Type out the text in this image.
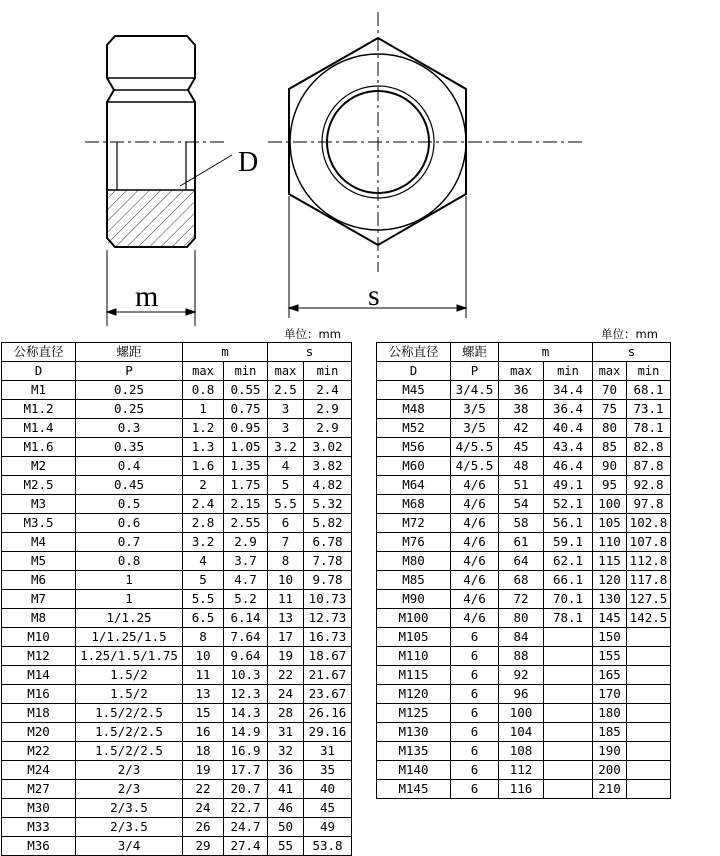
D
m	s
单位：mm	单位：mm
公称直径	螺距	m		s	
D	P	max	min	max	min
M1	0.25	0.8	0.55	2.5	2.4
M1.2	0.25	1	0.75	3	2.9
M1.4	0.3	1.2	0.95	3	2.9
M1.6	0.35	1.3	1.05	3.2	3.02
M2	0.4	1.6	1.35	4	3.82
M2.5	0.45	2	1.75	5	4.82
M3	0.5	2.4	2.15	5.5	5.32
M3.5	0.6	2.8	2.55	6	5.82
M4	0.7	3.2	2.9	7	6.78
M5	0.8	4	3.7	8	7.78
M6	1	5	4.7	10	9.78
M7	1	5.5	5.2	11	10.73
M8	1/1.25	6.5	6.14	13	12.73
M10	1/1.25/1.5	8	7.64	17	16.73
M12	1.25/1.5/1.75	10	9.64	19	18.67
M14	1.5/2	11	10.3	22	21.67
M16	1.5/2	13	12.3	24	23.67
M18	1.5/2/2.5	15	14.3	28	26.16
M20	1.5/2/2.5	16	14.9	31	29.16
M22	1.5/2/2.5	18	16.9	32	31
M24	2/3	19	17.7	36	35
M27	2/3	22	20.7	41	40
M30	2/3.5	24	22.7	46	45
M33	2/3.5	26	24.7	50	49
M36	3/4	29	27.4	55	53.8
公称直径	螺距	m		s	
D	P	max	min	max	min
M45	3/4.5	36	34.4	70	68.1
M48	3/5	38	36.4	75	73.1
M52	3/5	42	40.4	80	78.1
M56	4/5.5	45	43.4	85	82.8
M60	4/5.5	48	46.4	90	87.8
M64	4/6	51	49.1	95	92.8
M68	4/6	54	52.1	100	97.8
M72	4/6	58	56.1	105	102.8
M76	4/6	61	59.1	110	107.8
M80	4/6	64	62.1	115	112.8
M85	4/6	68	66.1	120	117.8
M90	4/6	72	70.1	130	127.5
M100	4/6	80	78.1	145	142.5
M105	6	84		150	
M110	6	88		155	
M115	6	92		165	
M120	6	96		170	
M125	6	100		180	
M130	6	104		185	
M135	6	108		190	
M140	6	112		200	
M145	6	116		210	
